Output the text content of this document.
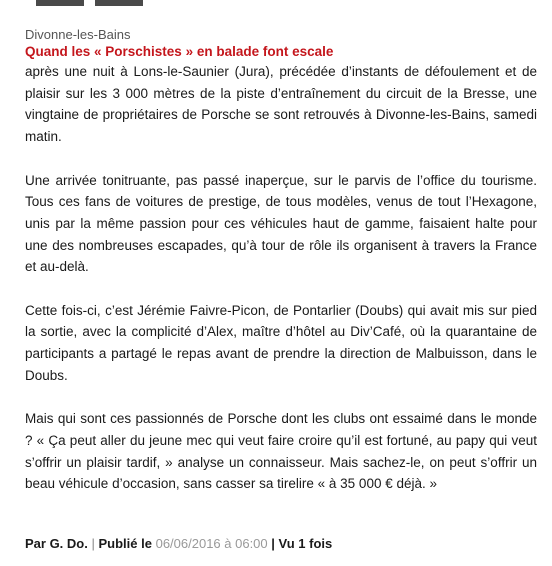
Divonne-les-Bains

Quand les « Porschistes » en balade font escale

après une nuit à Lons-le-Saunier (Jura), précédée d’instants de défoulement et de plaisir sur les 3 000 mètres de la piste d’entraînement du circuit de la Bresse, une vingtaine de propriétaires de Porsche se sont retrouvés à Divonne-les-Bains, samedi matin.

Une arrivée tonitruante, pas passé inaperçue, sur le parvis de l’office du tourisme. Tous ces fans de voitures de prestige, de tous modèles, venus de tout l’Hexagone, unis par la même passion pour ces véhicules haut de gamme, faisaient halte pour une des nombreuses escapades, qu’à tour de rôle ils organisent à travers la France et au-delà.

Cette fois-ci, c’est Jérémie Faivre-Picon, de Pontarlier (Doubs) qui avait mis sur pied la sortie, avec la complicité d’Alex, maître d’hôtel au Div’Café, où la quarantaine de participants a partagé le repas avant de prendre la direction de Malbuisson, dans le Doubs.

Mais qui sont ces passionnés de Porsche dont les clubs ont essaimé dans le monde ? « Ça peut aller du jeune mec qui veut faire croire qu’il est fortuné, au papy qui veut s’offrir un plaisir tardif, » analyse un connaisseur. Mais sachez-le, on peut s’offrir un beau véhicule d’occasion, sans casser sa tirelire « à 35 000 € déjà. »

Par G. Do. | Publié le 06/06/2016 à 06:00 | Vu 1 fois
